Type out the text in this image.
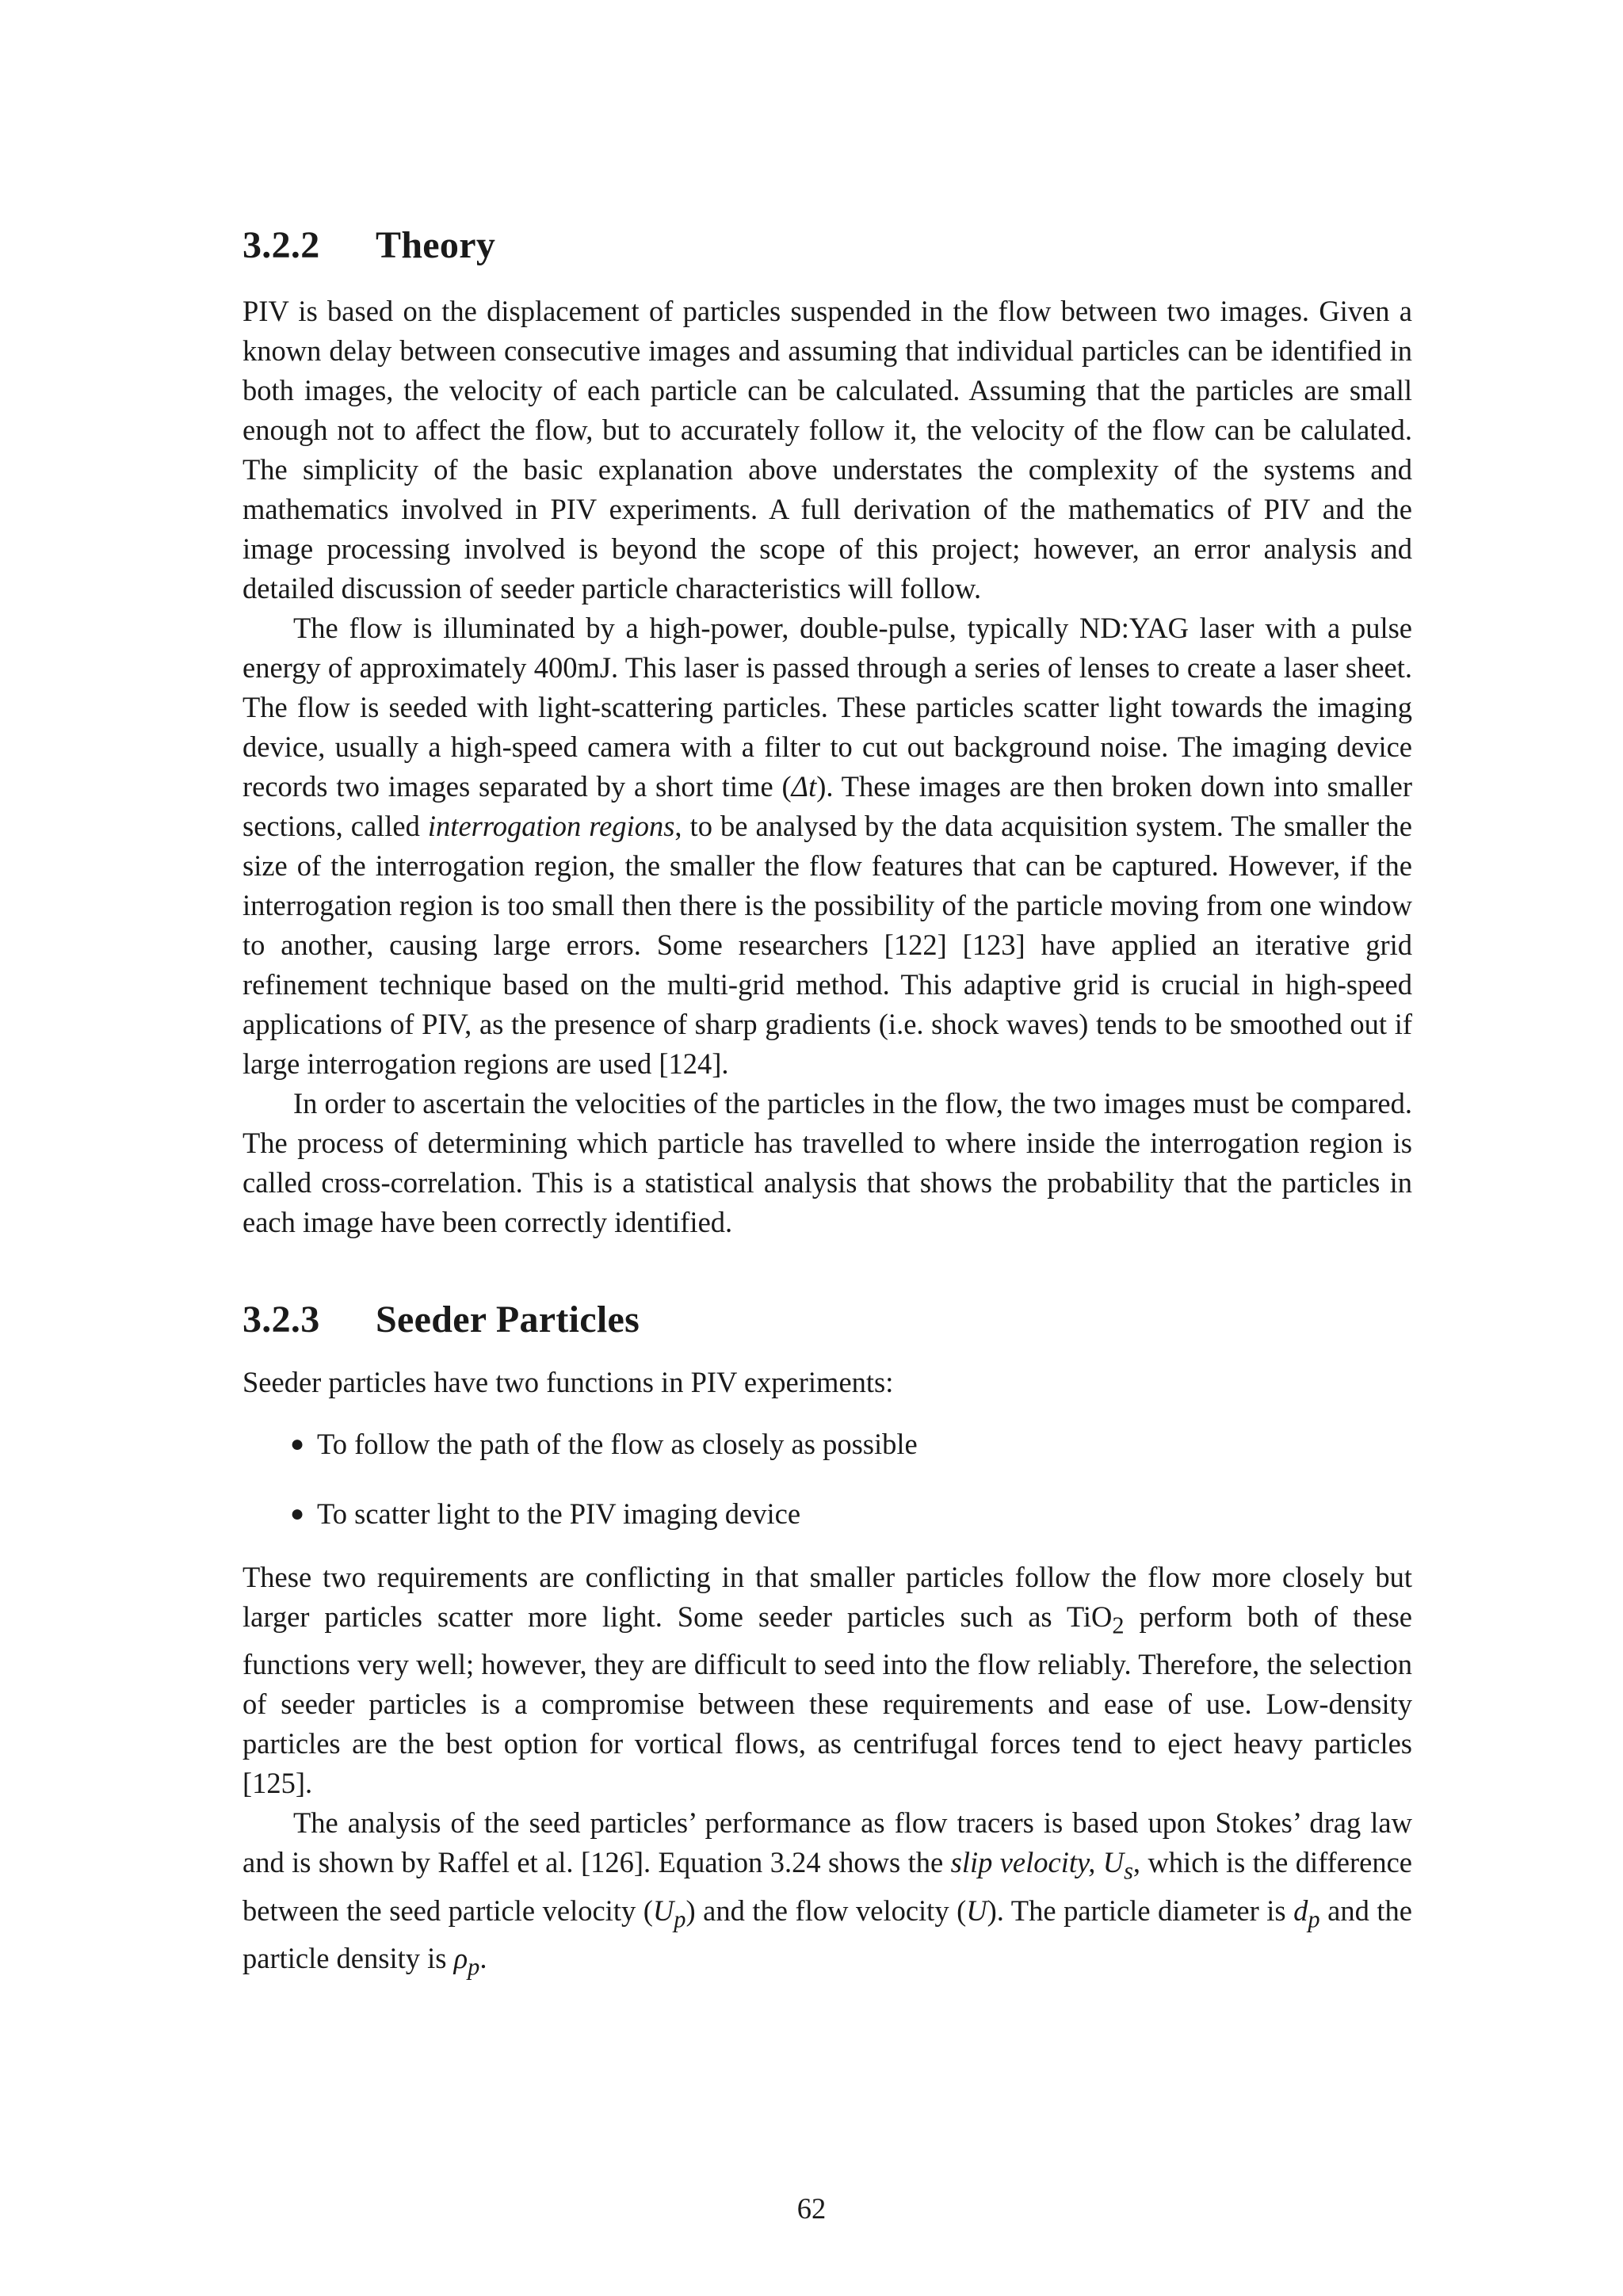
3.2.2 Theory

PIV is based on the displacement of particles suspended in the flow between two images. Given a known delay between consecutive images and assuming that individual particles can be identified in both images, the velocity of each particle can be calculated. Assuming that the particles are small enough not to affect the flow, but to accurately follow it, the velocity of the flow can be calulated. The simplicity of the basic explanation above understates the complexity of the systems and mathematics involved in PIV experiments. A full derivation of the mathematics of PIV and the image processing involved is beyond the scope of this project; however, an error analysis and detailed discussion of seeder particle characteristics will follow.

The flow is illuminated by a high-power, double-pulse, typically ND:YAG laser with a pulse energy of approximately 400mJ. This laser is passed through a series of lenses to create a laser sheet. The flow is seeded with light-scattering particles. These particles scatter light towards the imaging device, usually a high-speed camera with a filter to cut out background noise. The imaging device records two images separated by a short time (Δt). These images are then broken down into smaller sections, called interrogation regions, to be analysed by the data acquisition system. The smaller the size of the interrogation region, the smaller the flow features that can be captured. However, if the interrogation region is too small then there is the possibility of the particle moving from one window to another, causing large errors. Some researchers [122] [123] have applied an iterative grid refinement technique based on the multi-grid method. This adaptive grid is crucial in high-speed applications of PIV, as the presence of sharp gradients (i.e. shock waves) tends to be smoothed out if large interrogation regions are used [124].

In order to ascertain the velocities of the particles in the flow, the two images must be compared. The process of determining which particle has travelled to where inside the interrogation region is called cross-correlation. This is a statistical analysis that shows the probability that the particles in each image have been correctly identified.

3.2.3 Seeder Particles

Seeder particles have two functions in PIV experiments:

● To follow the path of the flow as closely as possible
● To scatter light to the PIV imaging device

These two requirements are conflicting in that smaller particles follow the flow more closely but larger particles scatter more light. Some seeder particles such as TiO$_2$ perform both of these functions very well; however, they are difficult to seed into the flow reliably. Therefore, the selection of seeder particles is a compromise between these requirements and ease of use. Low-density particles are the best option for vortical flows, as centrifugal forces tend to eject heavy particles [125].

The analysis of the seed particles’ performance as flow tracers is based upon Stokes’ drag law and is shown by Raffel et al. [126]. Equation 3.24 shows the slip velocity, $U_s$, which is the difference between the seed particle velocity $(U_p)$ and the flow velocity (U). The particle diameter is $d_p$ and the particle density is $\rho_p$.

62
